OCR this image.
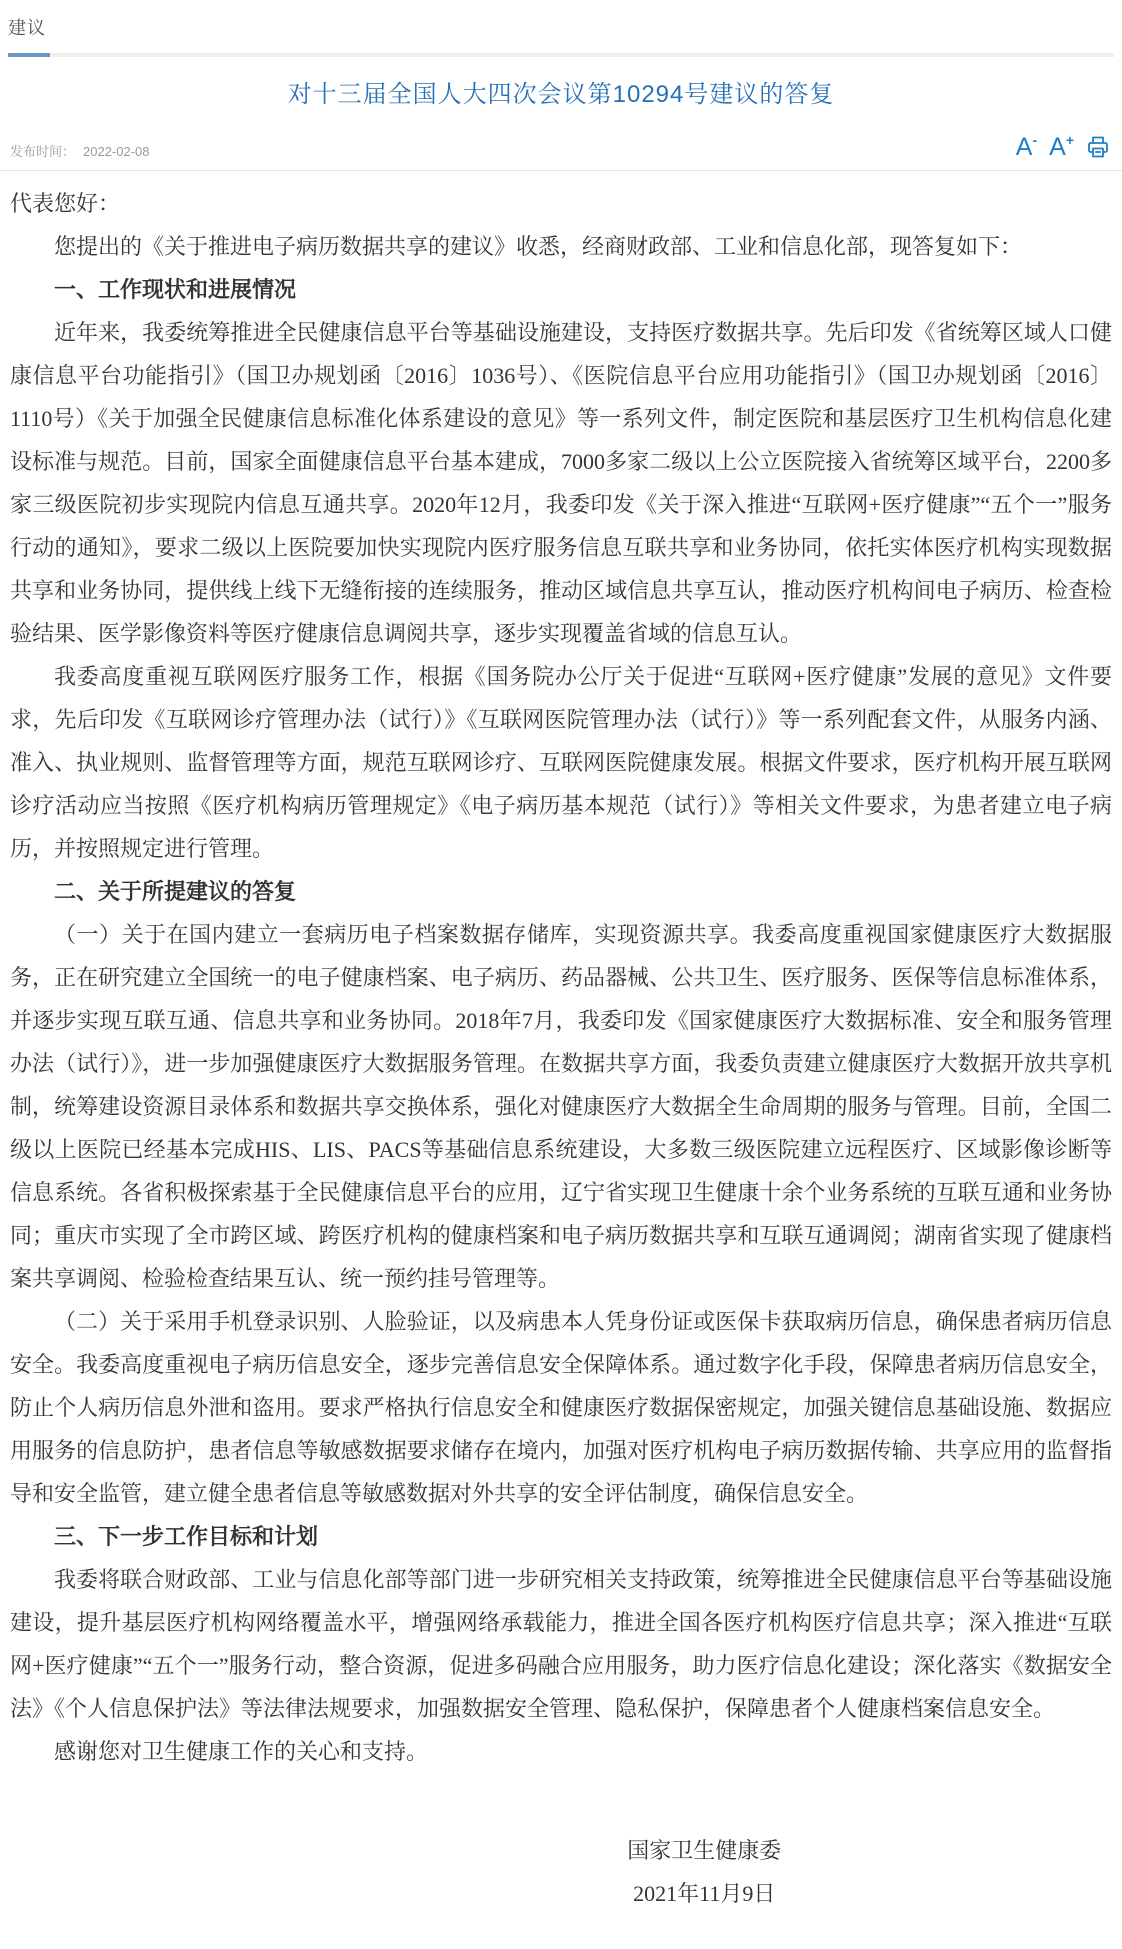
建议
对十三届全国人大四次会议第10294号建议的答复
发布时间： 2022-02-08	A- A+

代表您好：

您提出的《关于推进电子病历数据共享的建议》收悉，经商财政部、工业和信息化部，现答复如下：

一、工作现状和进展情况

近年来，我委统筹推进全民健康信息平台等基础设施建设，支持医疗数据共享。先后印发《省统筹区域人口健康信息平台功能指引》（国卫办规划函〔2016〕1036号）、《医院信息平台应用功能指引》（国卫办规划函〔2016〕1110号）《关于加强全民健康信息标准化体系建设的意见》等一系列文件，制定医院和基层医疗卫生机构信息化建设标准与规范。目前，国家全面健康信息平台基本建成，7000多家二级以上公立医院接入省统筹区域平台，2200多家三级医院初步实现院内信息互通共享。2020年12月，我委印发《关于深入推进“互联网+医疗健康”“五个一”服务行动的通知》，要求二级以上医院要加快实现院内医疗服务信息互联共享和业务协同，依托实体医疗机构实现数据共享和业务协同，提供线上线下无缝衔接的连续服务，推动区域信息共享互认，推动医疗机构间电子病历、检查检验结果、医学影像资料等医疗健康信息调阅共享，逐步实现覆盖省域的信息互认。

我委高度重视互联网医疗服务工作，根据《国务院办公厅关于促进“互联网+医疗健康”发展的意见》文件要求，先后印发《互联网诊疗管理办法（试行）》《互联网医院管理办法（试行）》等一系列配套文件，从服务内涵、准入、执业规则、监督管理等方面，规范互联网诊疗、互联网医院健康发展。根据文件要求，医疗机构开展互联网诊疗活动应当按照《医疗机构病历管理规定》《电子病历基本规范（试行）》等相关文件要求，为患者建立电子病历，并按照规定进行管理。

二、关于所提建议的答复

（一）关于在国内建立一套病历电子档案数据存储库，实现资源共享。我委高度重视国家健康医疗大数据服务，正在研究建立全国统一的电子健康档案、电子病历、药品器械、公共卫生、医疗服务、医保等信息标准体系，并逐步实现互联互通、信息共享和业务协同。2018年7月，我委印发《国家健康医疗大数据标准、安全和服务管理办法（试行）》，进一步加强健康医疗大数据服务管理。在数据共享方面，我委负责建立健康医疗大数据开放共享机制，统筹建设资源目录体系和数据共享交换体系，强化对健康医疗大数据全生命周期的服务与管理。目前，全国二级以上医院已经基本完成HIS、LIS、PACS等基础信息系统建设，大多数三级医院建立远程医疗、区域影像诊断等信息系统。各省积极探索基于全民健康信息平台的应用，辽宁省实现卫生健康十余个业务系统的互联互通和业务协同；重庆市实现了全市跨区域、跨医疗机构的健康档案和电子病历数据共享和互联互通调阅；湖南省实现了健康档案共享调阅、检验检查结果互认、统一预约挂号管理等。

（二）关于采用手机登录识别、人脸验证，以及病患本人凭身份证或医保卡获取病历信息，确保患者病历信息安全。我委高度重视电子病历信息安全，逐步完善信息安全保障体系。通过数字化手段，保障患者病历信息安全，防止个人病历信息外泄和盗用。要求严格执行信息安全和健康医疗数据保密规定，加强关键信息基础设施、数据应用服务的信息防护，患者信息等敏感数据要求储存在境内，加强对医疗机构电子病历数据传输、共享应用的监督指导和安全监管，建立健全患者信息等敏感数据对外共享的安全评估制度，确保信息安全。

三、下一步工作目标和计划

我委将联合财政部、工业与信息化部等部门进一步研究相关支持政策，统筹推进全民健康信息平台等基础设施建设，提升基层医疗机构网络覆盖水平，增强网络承载能力，推进全国各医疗机构医疗信息共享；深入推进“互联网+医疗健康”“五个一”服务行动，整合资源，促进多码融合应用服务，助力医疗信息化建设；深化落实《数据安全法》《个人信息保护法》等法律法规要求，加强数据安全管理、隐私保护，保障患者个人健康档案信息安全。

感谢您对卫生健康工作的关心和支持。

国家卫生健康委
2021年11月9日
